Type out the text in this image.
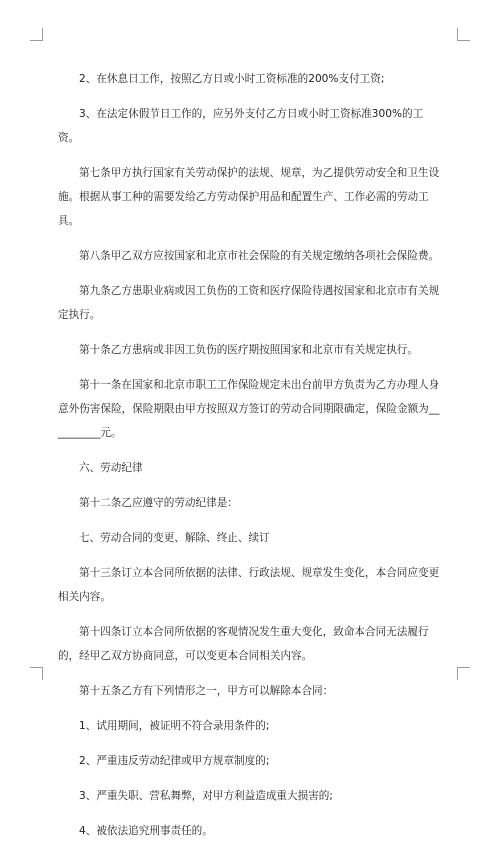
2、在休息日工作，按照乙方日或小时工资标准的200%支付工资;

3、在法定休假节日工作的，应另外支付乙方日或小时工资标准300%的工资。

第七条甲方执行国家有关劳动保护的法规、规章，为乙提供劳动安全和卫生设施。根据从事工种的需要发给乙方劳动保护用品和配置生产、工作必需的劳动工具。

第八条甲乙双方应按国家和北京市社会保险的有关规定缴纳各项社会保险费。

第九条乙方患职业病或因工负伤的工资和医疗保险待遇按国家和北京市有关规定执行。

第十条乙方患病或非因工负伤的医疗期按照国家和北京市有关规定执行。

第十一条在国家和北京市职工工作保险规定未出台前甲方负责为乙方办理人身意外伤害保险，保险期限由甲方按照双方签订的劳动合同期限确定，保险金额为__________元。

六、劳动纪律

第十二条乙应遵守的劳动纪律是：

七、劳动合同的变更、解除、终止、续订

第十三条订立本合同所依据的法律、行政法规、规章发生变化，本合同应变更相关内容。

第十四条订立本合同所依据的客观情况发生重大变化，致命本合同无法履行的，经甲乙双方协商同意，可以变更本合同相关内容。

第十五条乙方有下列情形之一，甲方可以解除本合同：

1、试用期间，被证明不符合录用条件的;

2、严重违反劳动纪律或甲方规章制度的;

3、严重失职、营私舞弊，对甲方利益造成重大损害的;

4、被依法追究刑事责任的。
